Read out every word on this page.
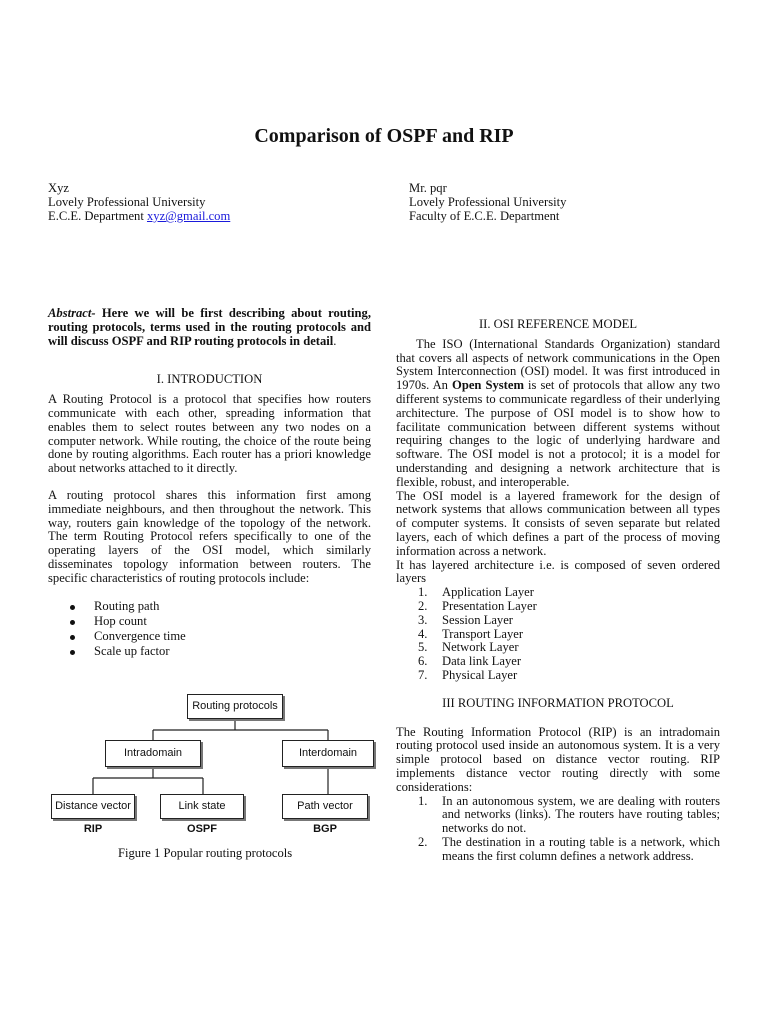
Comparison of OSPF and RIP
Xyz
Lovely Professional University
E.C.E. Department xyz@gmail.com
Mr. pqr
Lovely Professional University
Faculty of E.C.E. Department

Abstract- Here we will be first describing about routing, routing protocols, terms used in the routing protocols and will discuss OSPF and RIP routing protocols in detail.

I. INTRODUCTION

A Routing Protocol is a protocol that specifies how routers communicate with each other, spreading information that enables them to select routes between any two nodes on a computer network. While routing, the choice of the route being done by routing algorithms. Each router has a priori knowledge about networks attached to it directly.

A routing protocol shares this information first among immediate neighbours, and then throughout the network. This way, routers gain knowledge of the topology of the network. The term Routing Protocol refers specifically to one of the operating layers of the OSI model, which similarly disseminates topology information between routers. The specific characteristics of routing protocols include:

Routing path
Hop count
Convergence time
Scale up factor
Routing protocols
Intradomain	Interdomain
Distance vector	Link state	Path vector
RIP	OSPF	BGP
Figure 1 Popular routing protocols
II. OSI REFERENCE MODEL

The ISO (International Standards Organization) standard that covers all aspects of network communications in the Open System Interconnection (OSI) model. It was first introduced in 1970s. An Open System is set of protocols that allow any two different systems to communicate regardless of their underlying architecture. The purpose of OSI model is to show how to facilitate communication between different systems without requiring changes to the logic of underlying hardware and software. The OSI model is not a protocol; it is a model for understanding and designing a network architecture that is flexible, robust, and interoperable.

The OSI model is a layered framework for the design of network systems that allows communication between all types of computer systems. It consists of seven separate but related layers, each of which defines a part of the process of moving information across a network.

It has layered architecture i.e. is composed of seven ordered layers

1. Application Layer
2. Presentation Layer
3. Session Layer
4. Transport Layer
5. Network Layer
6. Data link Layer
7. Physical Layer
III ROUTING INFORMATION PROTOCOL

The Routing Information Protocol (RIP) is an intradomain routing protocol used inside an autonomous system. It is a very simple protocol based on distance vector routing. RIP implements distance vector routing directly with some considerations:

1. In an autonomous system, we are dealing with routers and networks (links). The routers have routing tables; networks do not.
2. The destination in a routing table is a network, which means the first column defines a network address.
